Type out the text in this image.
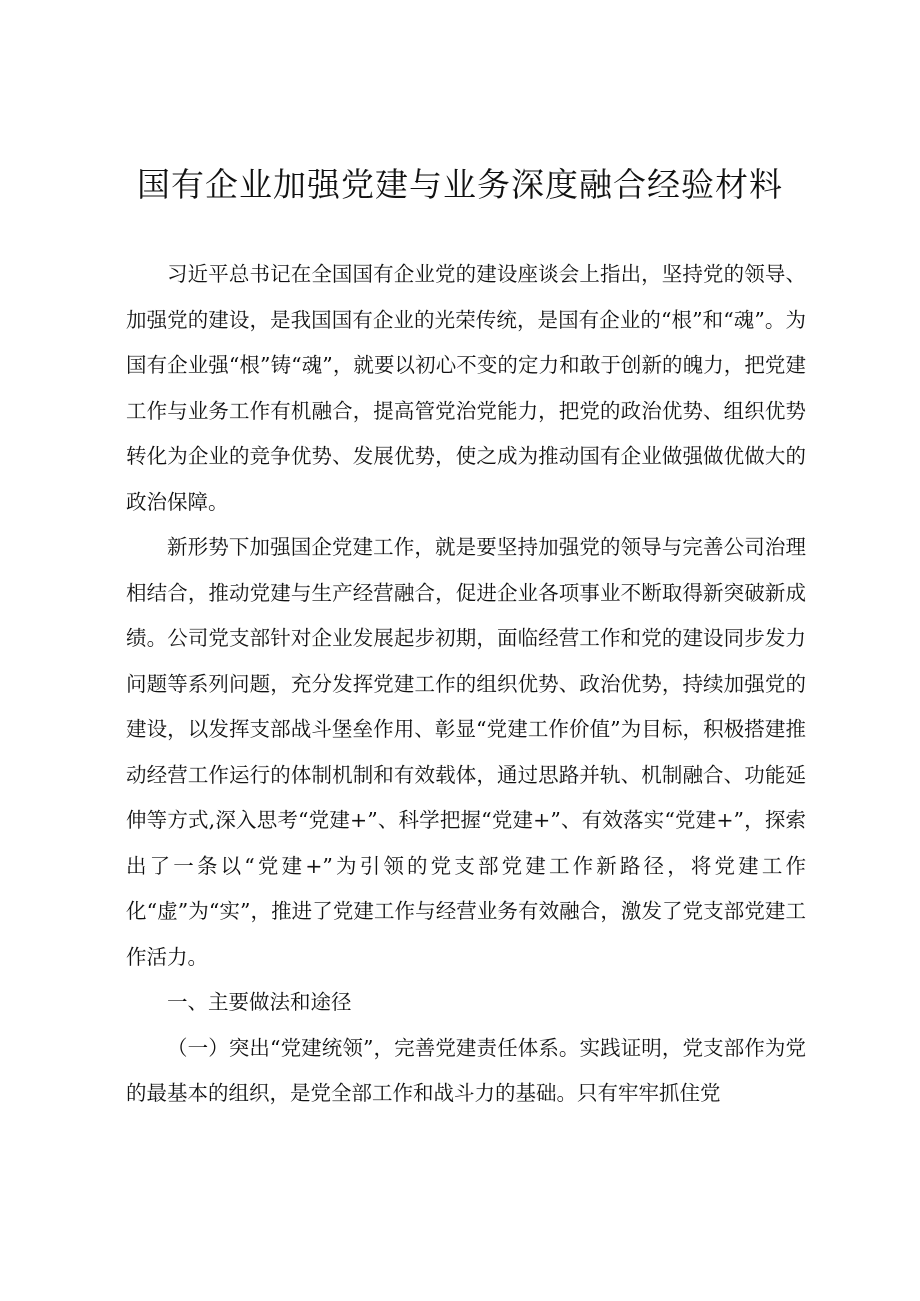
国有企业加强党建与业务深度融合经验材料

习近平总书记在全国国有企业党的建设座谈会上指出，坚持党的领导、加强党的建设，是我国国有企业的光荣传统，是国有企业的“根”和“魂”。为国有企业强“根”铸“魂”，就要以初心不变的定力和敢于创新的魄力，把党建工作与业务工作有机融合，提高管党治党能力，把党的政治优势、组织优势转化为企业的竞争优势、发展优势，使之成为推动国有企业做强做优做大的政治保障。

新形势下加强国企党建工作，就是要坚持加强党的领导与完善公司治理相结合，推动党建与生产经营融合，促进企业各项事业不断取得新突破新成绩。公司党支部针对企业发展起步初期，面临经营工作和党的建设同步发力问题等系列问题，充分发挥党建工作的组织优势、政治优势，持续加强党的建设，以发挥支部战斗堡垒作用、彰显“党建工作价值”为目标，积极搭建推动经营工作运行的体制机制和有效载体，通过思路并轨、机制融合、功能延伸等方式,深入思考“党建+”、科学把握“党建+”、有效落实“党建+”，探索出了一条以“党建+”为引领的党支部党建工作新路径，将党建工作化“虚”为“实”，推进了党建工作与经营业务有效融合，激发了党支部党建工作活力。

一、主要做法和途径

（一）突出“党建统领”，完善党建责任体系。实践证明，党支部作为党的最基本的组织，是党全部工作和战斗力的基础。只有牢牢抓住党
